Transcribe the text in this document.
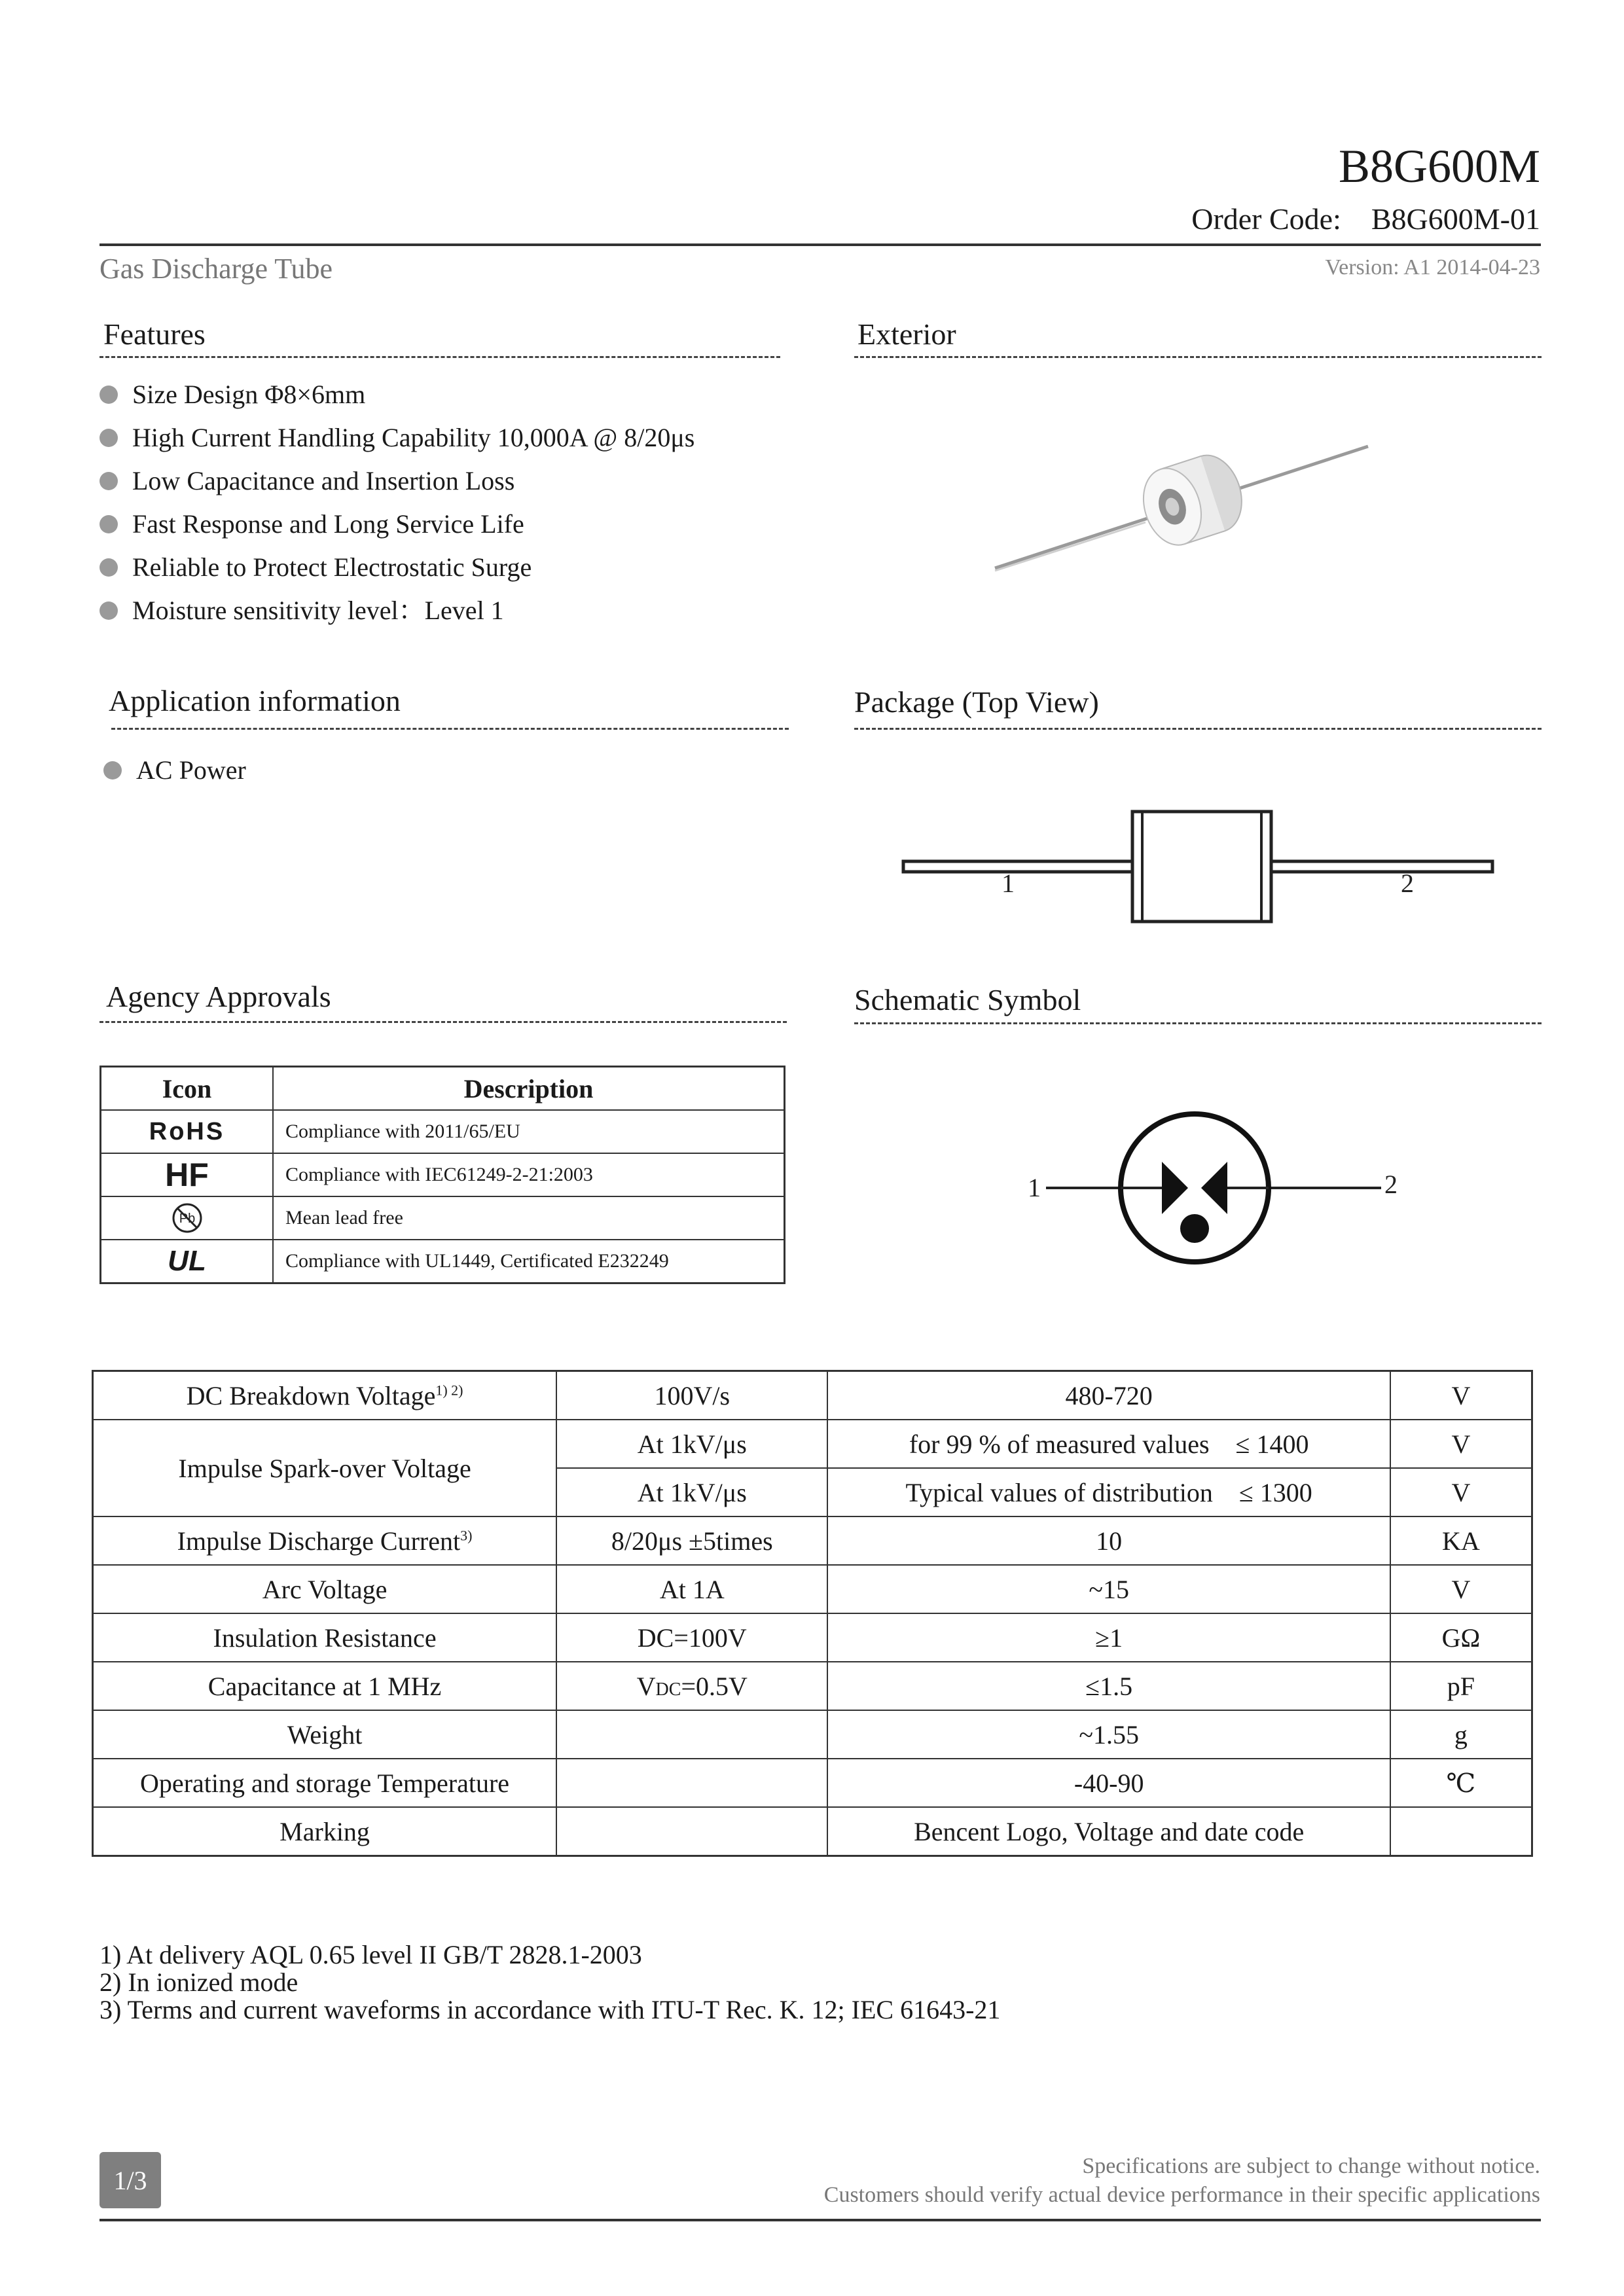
B8G600M
Order Code:    B8G600M-01
Gas Discharge Tube	Version: A1 2014-04-23
Features
Size Design Φ8×6mm
High Current Handling Capability 10,000A @ 8/20μs
Low Capacitance and Insertion Loss
Fast Response and Long Service Life
Reliable to Protect Electrostatic Surge
Moisture sensitivity level：Level 1
Exterior
Application information
AC Power
Package (Top View)
1	2
Agency Approvals
Icon	Description
RoHS	Compliance with 2011/65/EU
HF	Compliance with IEC61249-2-21:2003

Pb	Mean lead free
UL	Compliance with UL1449, Certificated E232249
Schematic Symbol
1	2
DC Breakdown Voltage$^{1) 2)}$	100V/s	480-720	V
Impulse Spark-over Voltage	At 1kV/μs	for 99 % of measured values    ≤ 1400	V
	At 1kV/μs	Typical values of distribution    ≤ 1300	V
Impulse Discharge Current$^{3)}$	8/20μs ±5times	10	KA
Arc Voltage	At 1A	~15	V
Insulation Resistance	DC=100V	≥1	GΩ
Capacitance at 1 MHz	VDC=0.5V	≤1.5	pF
Weight		~1.55	g
Operating and storage Temperature		-40-90	℃
Marking		Bencent Logo, Voltage and date code	
1) At delivery AQL 0.65 level II GB/T 2828.1-2003
2) In ionized mode
3) Terms and current waveforms in accordance with ITU-T Rec. K. 12; IEC 61643-21
1/3	Specifications are subject to change without notice.
Customers should verify actual device performance in their specific applications
